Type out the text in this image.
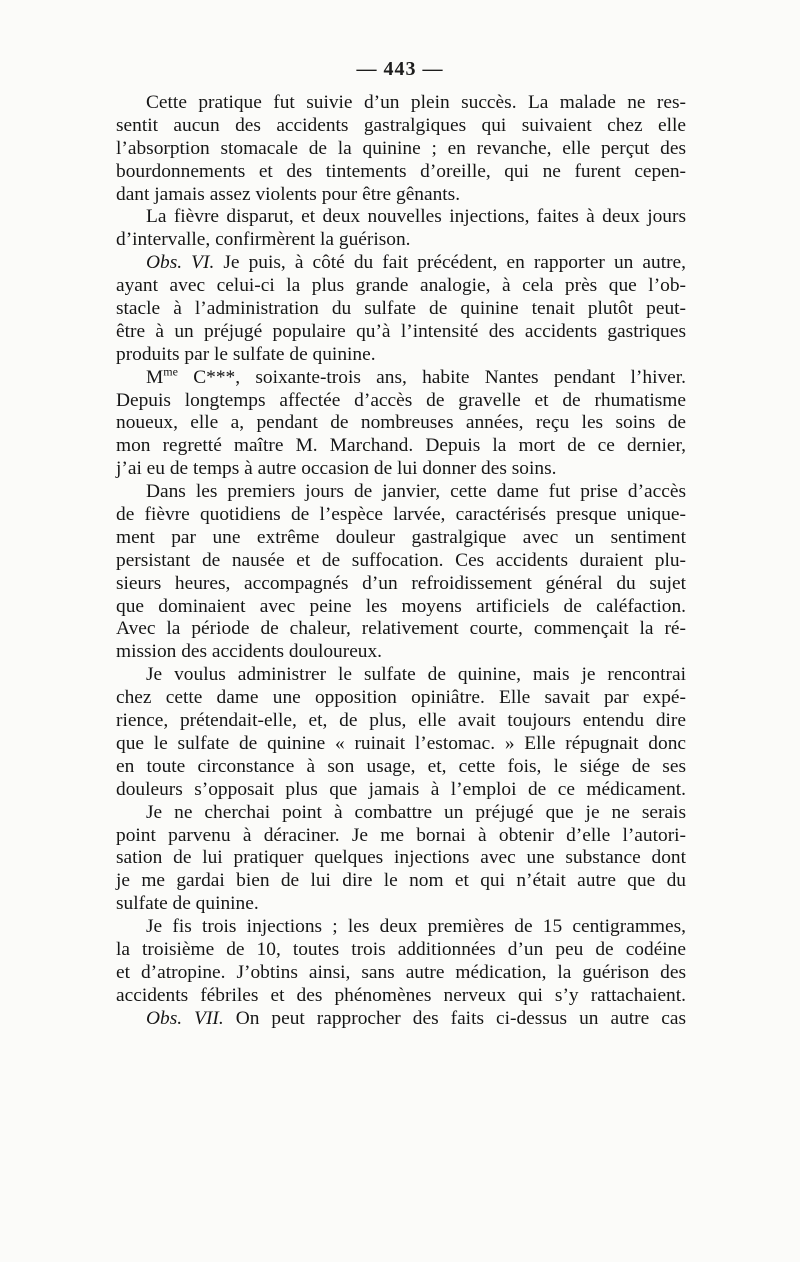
— 443 —
Cette pratique fut suivie d’un plein succès. La malade ne res-
sentit aucun des accidents gastralgiques qui suivaient chez elle
l’absorption stomacale de la quinine ; en revanche, elle perçut des
bourdonnements et des tintements d’oreille, qui ne furent cepen-
dant jamais assez violents pour être gênants.
La fièvre disparut, et deux nouvelles injections, faites à deux jours
d’intervalle, confirmèrent la guérison.
Obs. VI. Je puis, à côté du fait précédent, en rapporter un autre,
ayant avec celui-ci la plus grande analogie, à cela près que l’ob-
stacle à l’administration du sulfate de quinine tenait plutôt peut-
être à un préjugé populaire qu’à l’intensité des accidents gastriques
produits par le sulfate de quinine.
$M^{me}$ C***, soixante-trois ans, habite Nantes pendant l’hiver.
Depuis longtemps affectée d’accès de gravelle et de rhumatisme
noueux, elle a, pendant de nombreuses années, reçu les soins de
mon regretté maître M. Marchand. Depuis la mort de ce dernier,
j’ai eu de temps à autre occasion de lui donner des soins.
Dans les premiers jours de janvier, cette dame fut prise d’accès
de fièvre quotidiens de l’espèce larvée, caractérisés presque unique-
ment par une extrême douleur gastralgique avec un sentiment
persistant de nausée et de suffocation. Ces accidents duraient plu-
sieurs heures, accompagnés d’un refroidissement général du sujet
que dominaient avec peine les moyens artificiels de caléfaction.
Avec la période de chaleur, relativement courte, commençait la ré-
mission des accidents douloureux.
Je voulus administrer le sulfate de quinine, mais je rencontrai
chez cette dame une opposition opiniâtre. Elle savait par expé-
rience, prétendait-elle, et, de plus, elle avait toujours entendu dire
que le sulfate de quinine « ruinait l’estomac. » Elle répugnait donc
en toute circonstance à son usage, et, cette fois, le siége de ses
douleurs s’opposait plus que jamais à l’emploi de ce médicament.
Je ne cherchai point à combattre un préjugé que je ne serais
point parvenu à déraciner. Je me bornai à obtenir d’elle l’autori-
sation de lui pratiquer quelques injections avec une substance dont
je me gardai bien de lui dire le nom et qui n’était autre que du
sulfate de quinine.
Je fis trois injections ; les deux premières de 15 centigrammes,
la troisième de 10, toutes trois additionnées d’un peu de codéine
et d’atropine. J’obtins ainsi, sans autre médication, la guérison des
accidents fébriles et des phénomènes nerveux qui s’y rattachaient.
Obs. VII. On peut rapprocher des faits ci-dessus un autre cas
